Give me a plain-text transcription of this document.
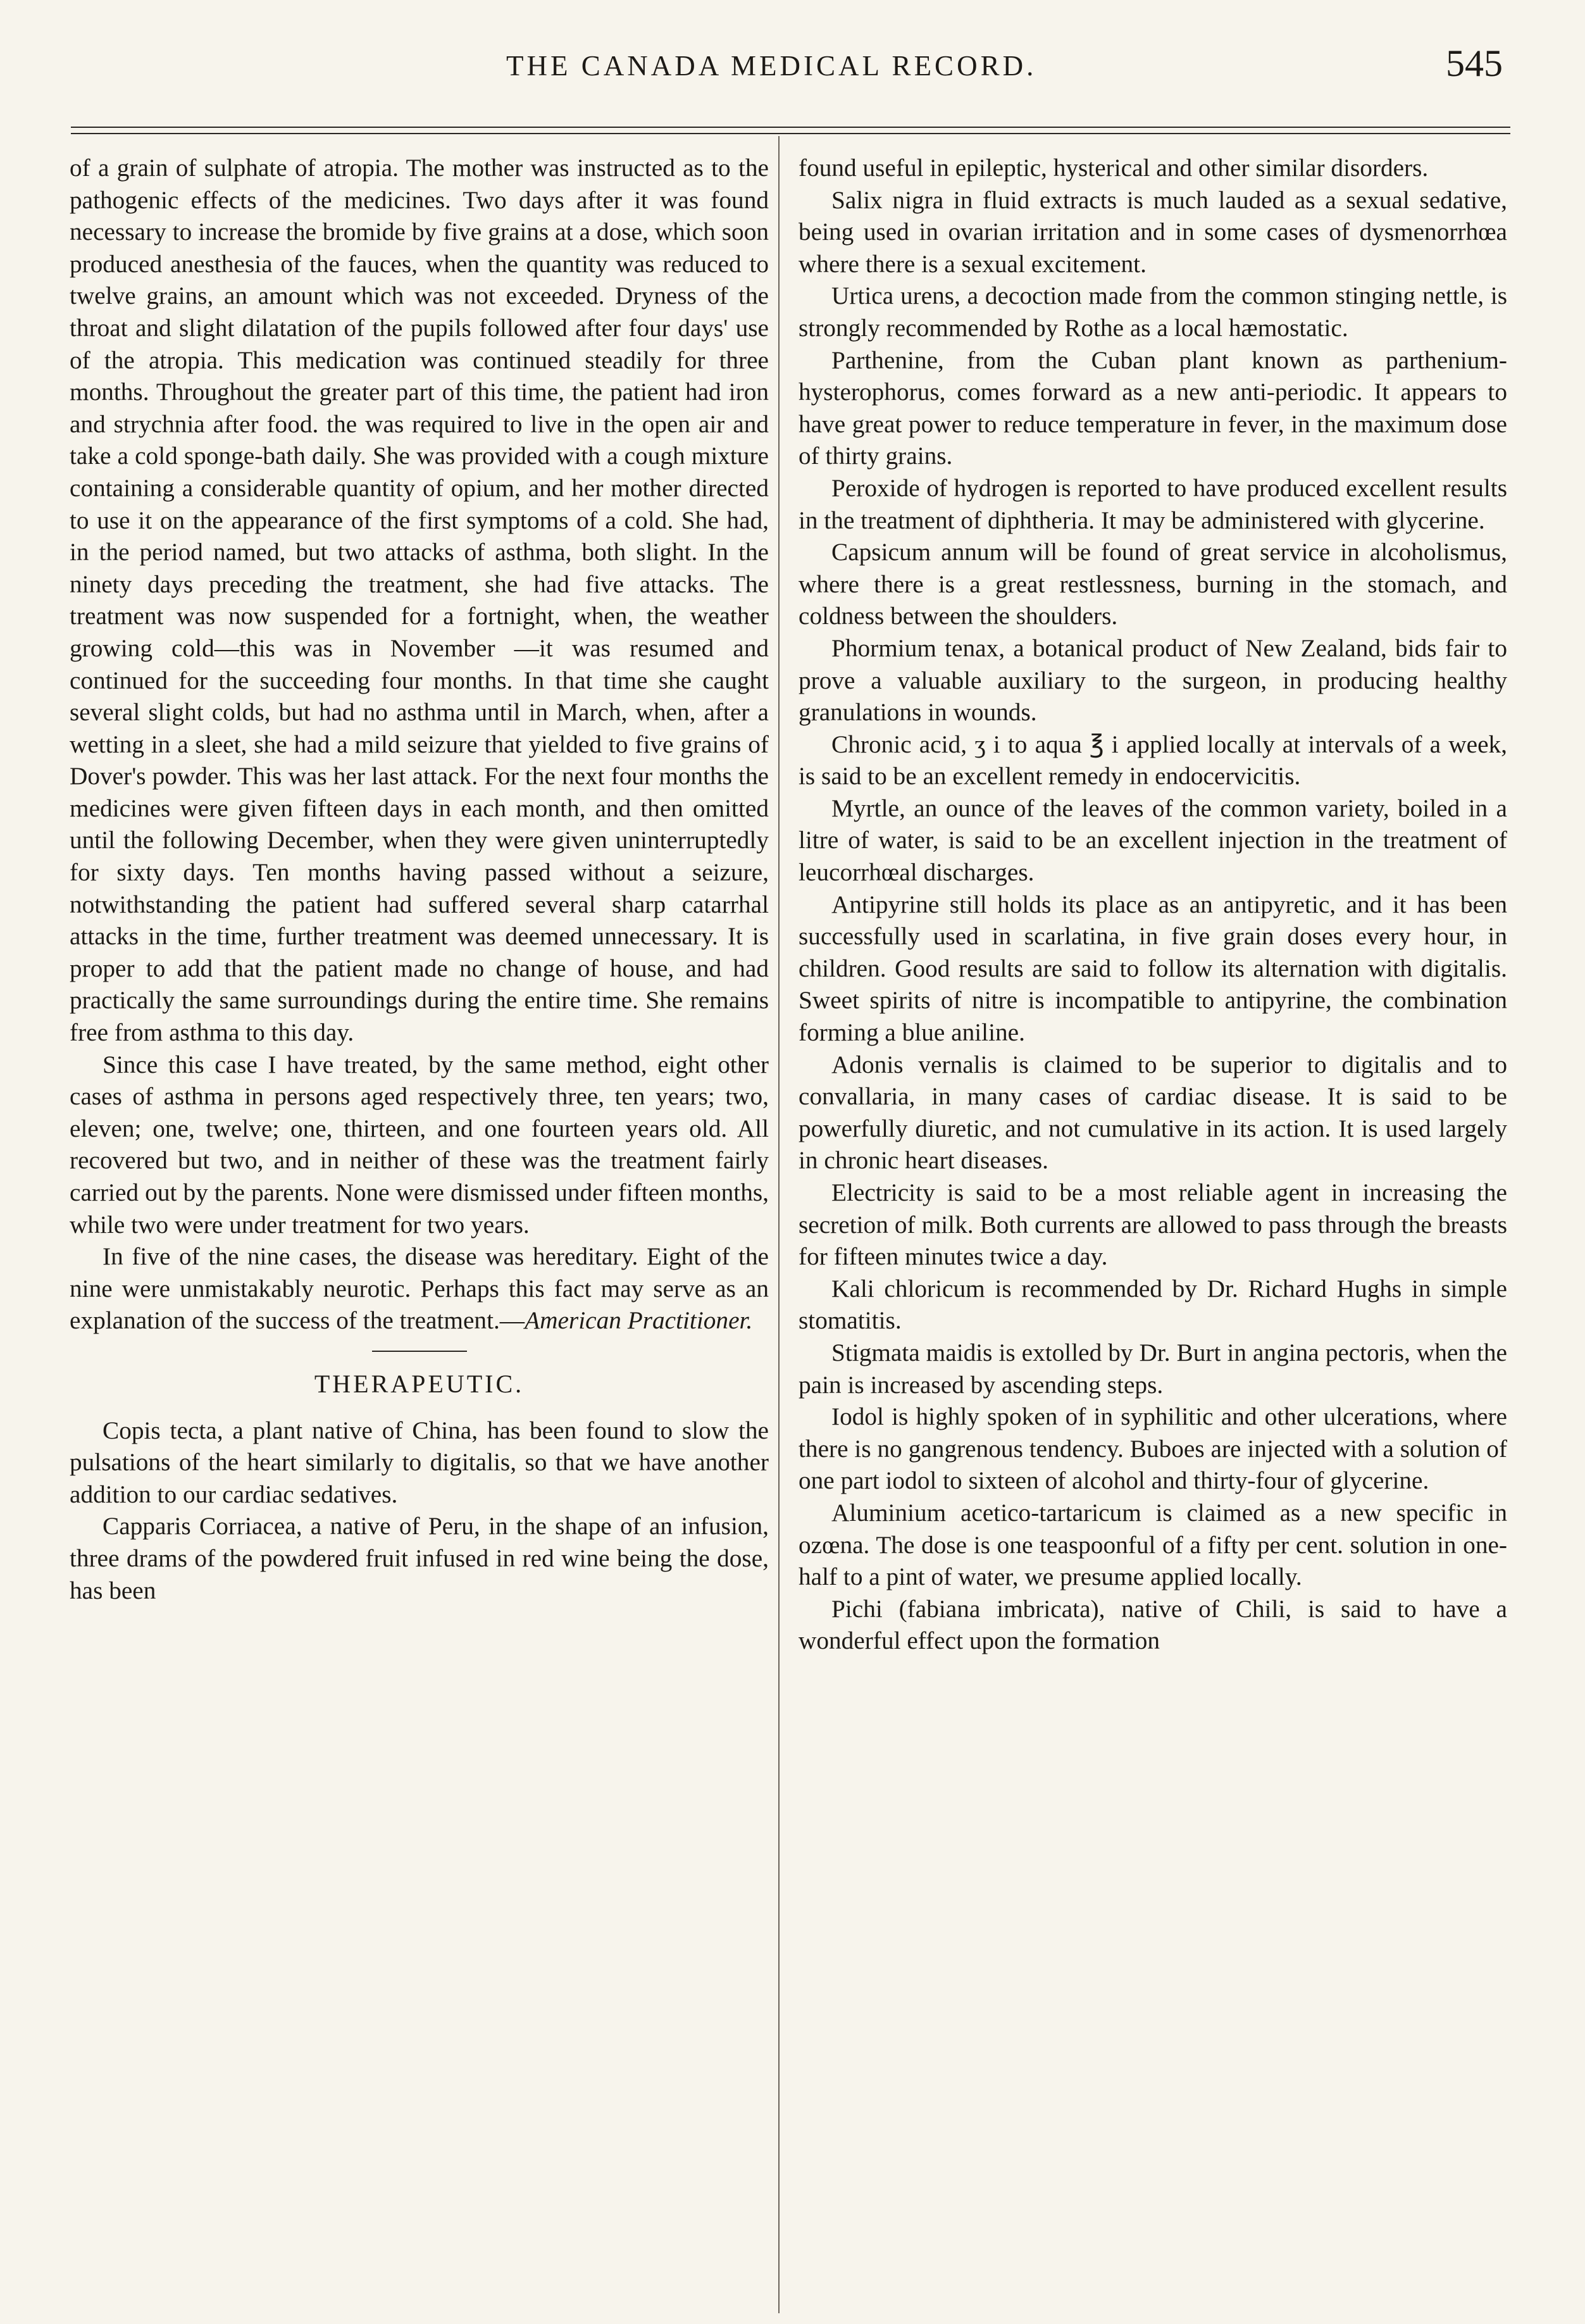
THE CANADA MEDICAL RECORD.	545

of a grain of sulphate of atropia. The mother was instructed as to the pathogenic effects of the medicines. Two days after it was found necessary to increase the bromide by five grains at a dose, which soon produced anesthesia of the fauces, when the quantity was reduced to twelve grains, an amount which was not exceeded. Dryness of the throat and slight dilatation of the pupils followed after four days' use of the atropia. This medication was continued steadily for three months. Throughout the greater part of this time, the patient had iron and strychnia after food. the was required to live in the open air and take a cold sponge-bath daily. She was provided with a cough mixture containing a considerable quantity of opium, and her mother directed to use it on the appearance of the first symptoms of a cold. She had, in the period named, but two attacks of asthma, both slight. In the ninety days preceding the treatment, she had five attacks. The treatment was now suspended for a fortnight, when, the weather growing cold—this was in November —it was resumed and continued for the succeeding four months. In that time she caught several slight colds, but had no asthma until in March, when, after a wetting in a sleet, she had a mild seizure that yielded to five grains of Dover's powder. This was her last attack. For the next four months the medicines were given fifteen days in each month, and then omitted until the following December, when they were given uninterruptedly for sixty days. Ten months having passed without a seizure, notwithstanding the patient had suffered several sharp catarrhal attacks in the time, further treatment was deemed unnecessary. It is proper to add that the patient made no change of house, and had practically the same surroundings during the entire time. She remains free from asthma to this day.

Since this case I have treated, by the same method, eight other cases of asthma in persons aged respectively three, ten years; two, eleven; one, twelve; one, thirteen, and one fourteen years old. All recovered but two, and in neither of these was the treatment fairly carried out by the parents. None were dismissed under fifteen months, while two were under treatment for two years.

In five of the nine cases, the disease was hereditary. Eight of the nine were unmistakably neurotic. Perhaps this fact may serve as an explanation of the success of the treatment.—American Practitioner.

THERAPEUTIC.

Copis tecta, a plant native of China, has been found to slow the pulsations of the heart similarly to digitalis, so that we have another addition to our cardiac sedatives.

Capparis Corriacea, a native of Peru, in the shape of an infusion, three drams of the powdered fruit infused in red wine being the dose, has been

found useful in epileptic, hysterical and other similar disorders.

Salix nigra in fluid extracts is much lauded as a sexual sedative, being used in ovarian irritation and in some cases of dysmenorrhœa where there is a sexual excitement.

Urtica urens, a decoction made from the common stinging nettle, is strongly recommended by Rothe as a local hæmostatic.

Parthenine, from the Cuban plant known as parthenium-hysterophorus, comes forward as a new anti-periodic. It appears to have great power to reduce temperature in fever, in the maximum dose of thirty grains.

Peroxide of hydrogen is reported to have produced excellent results in the treatment of diphtheria. It may be administered with glycerine.

Capsicum annum will be found of great service in alcoholismus, where there is a great restlessness, burning in the stomach, and coldness between the shoulders.

Phormium tenax, a botanical product of New Zealand, bids fair to prove a valuable auxiliary to the surgeon, in producing healthy granulations in wounds.

Chronic acid, ʒ i to aqua ℥ i applied locally at intervals of a week, is said to be an excellent remedy in endocervicitis.

Myrtle, an ounce of the leaves of the common variety, boiled in a litre of water, is said to be an excellent injection in the treatment of leucorrhœal discharges.

Antipyrine still holds its place as an antipyretic, and it has been successfully used in scarlatina, in five grain doses every hour, in children. Good results are said to follow its alternation with digitalis. Sweet spirits of nitre is incompatible to antipyrine, the combination forming a blue aniline.

Adonis vernalis is claimed to be superior to digitalis and to convallaria, in many cases of cardiac disease. It is said to be powerfully diuretic, and not cumulative in its action. It is used largely in chronic heart diseases.

Electricity is said to be a most reliable agent in increasing the secretion of milk. Both currents are allowed to pass through the breasts for fifteen minutes twice a day.

Kali chloricum is recommended by Dr. Richard Hughs in simple stomatitis.

Stigmata maidis is extolled by Dr. Burt in angina pectoris, when the pain is increased by ascending steps.

Iodol is highly spoken of in syphilitic and other ulcerations, where there is no gangrenous tendency. Buboes are injected with a solution of one part iodol to sixteen of alcohol and thirty-four of glycerine.

Aluminium acetico-tartaricum is claimed as a new specific in ozœna. The dose is one teaspoonful of a fifty per cent. solution in one-half to a pint of water, we presume applied locally.

Pichi (fabiana imbricata), native of Chili, is said to have a wonderful effect upon the formation
